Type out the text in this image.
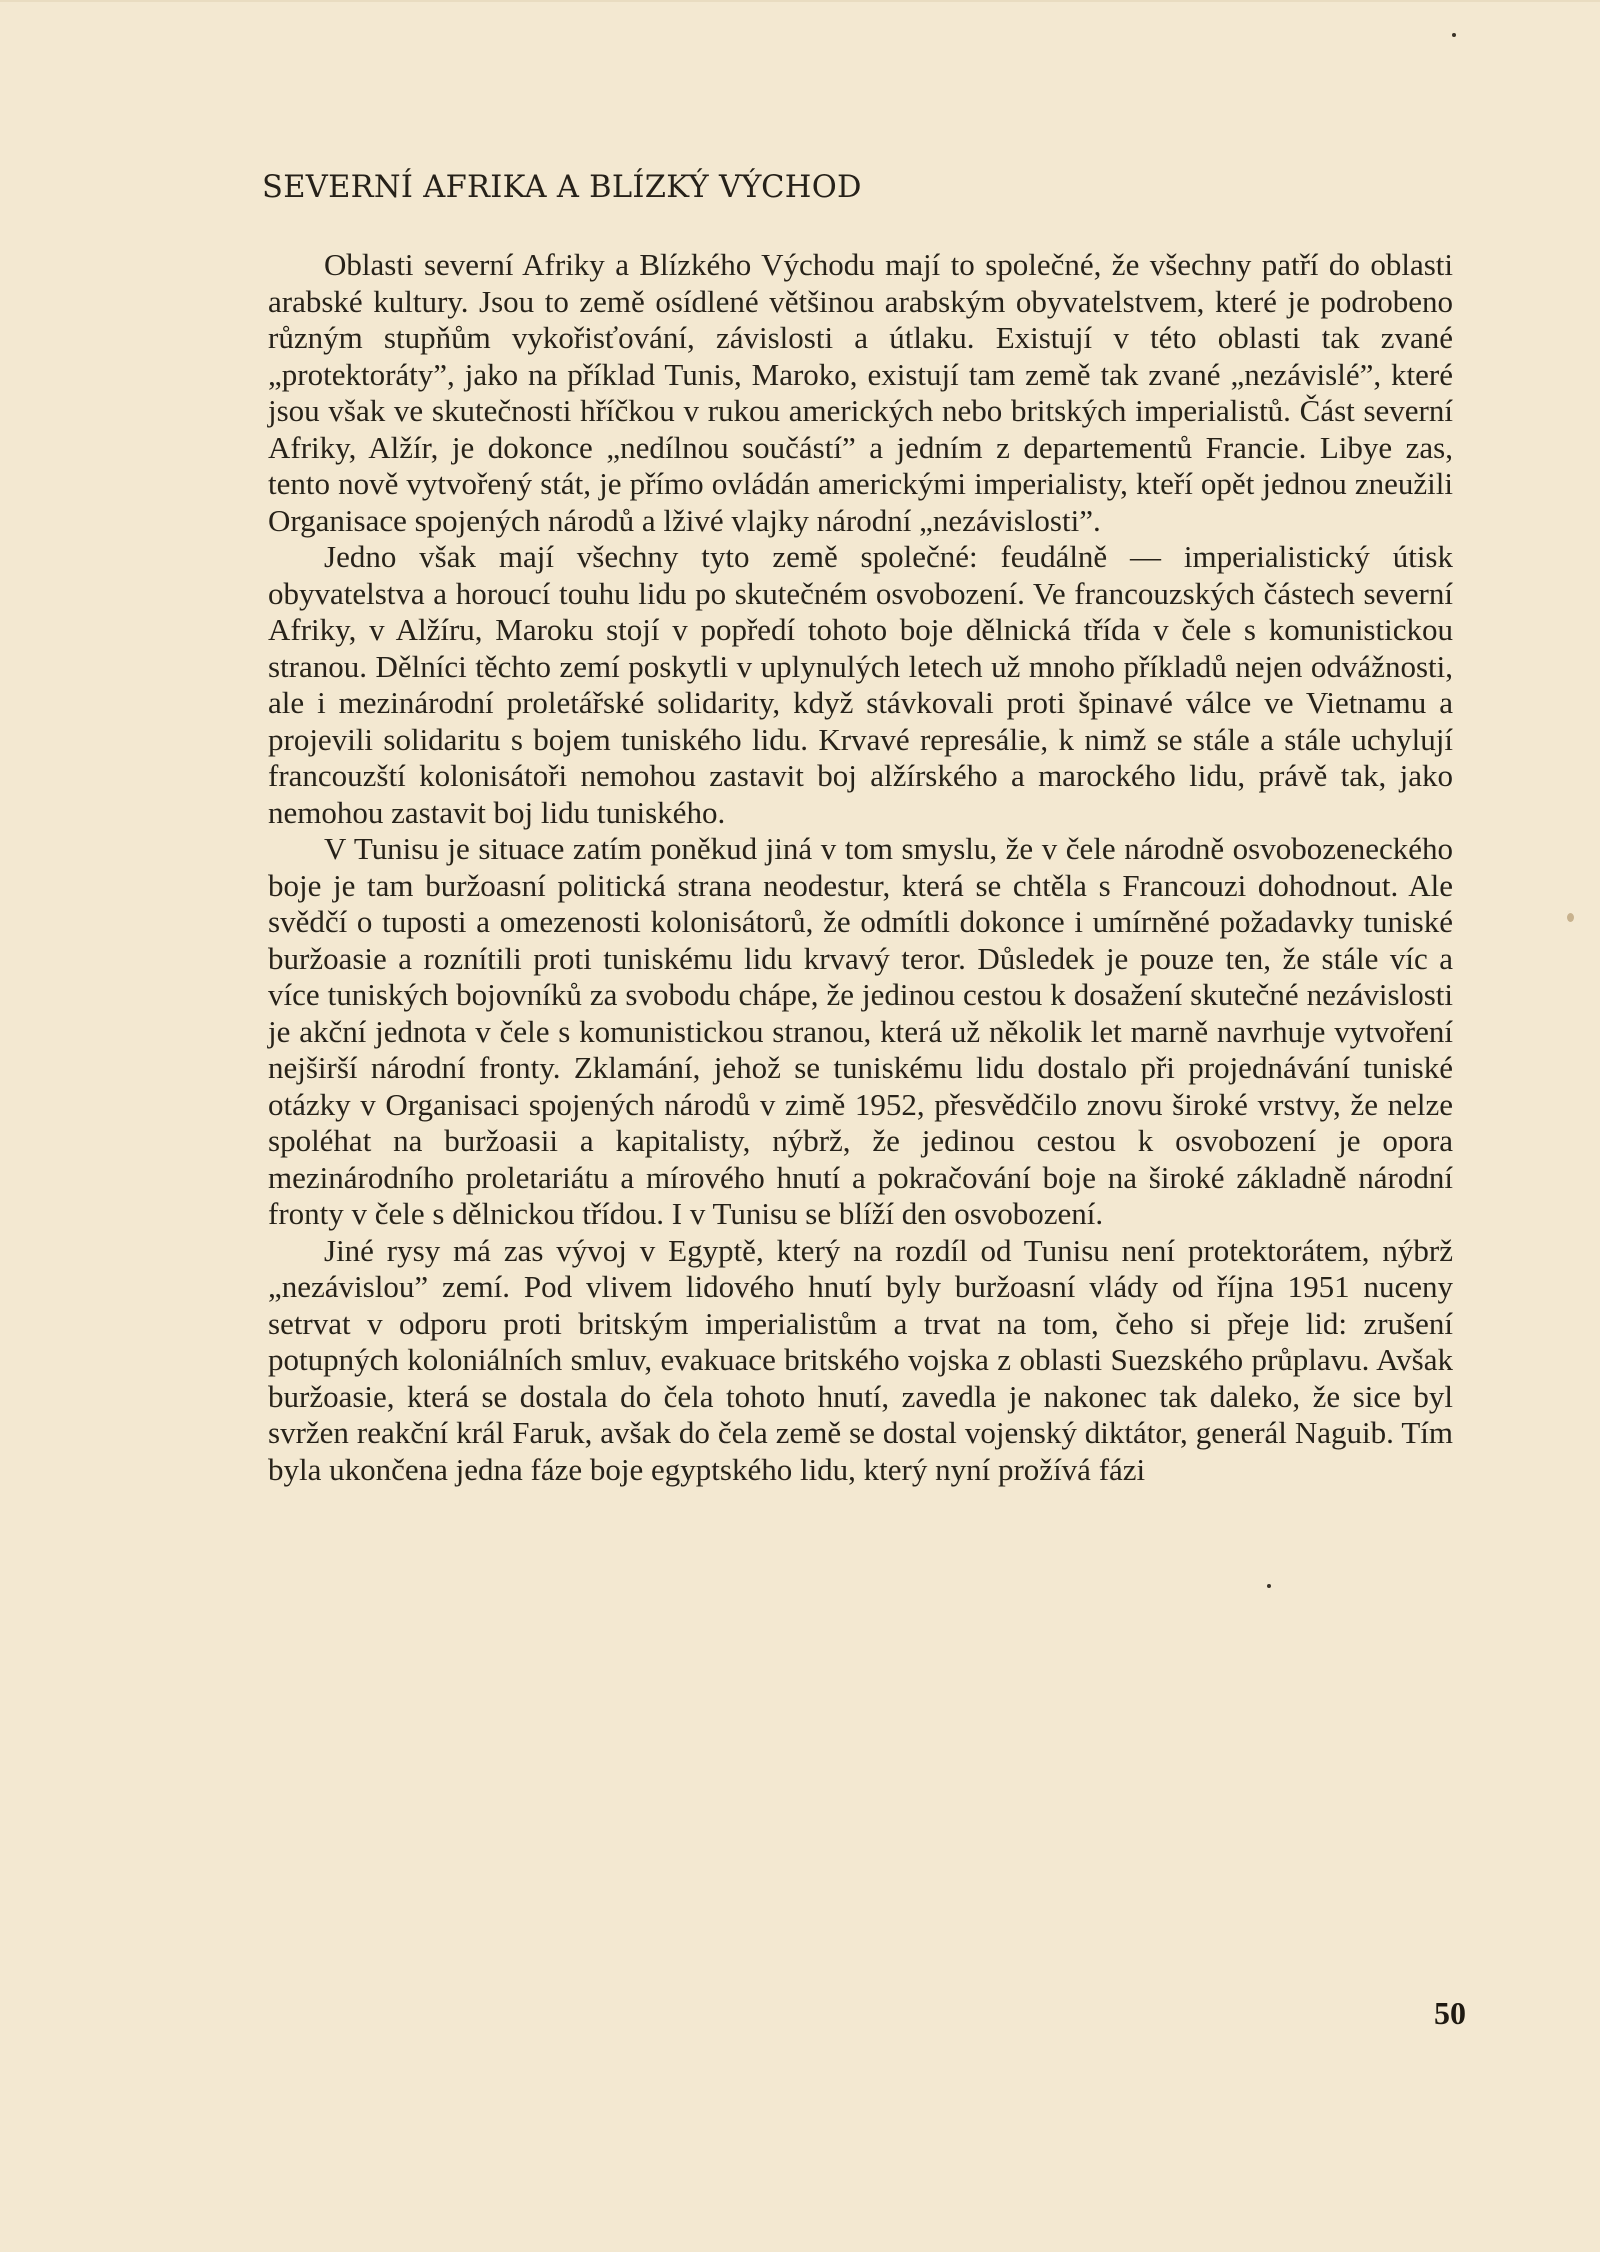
SEVERNÍ AFRIKA A BLÍZKÝ VÝCHOD

Oblasti severní Afriky a Blízkého Východu mají to společné, že všechny patří do oblasti arabské kultury. Jsou to země osídlené většinou arabským obyvatelstvem, které je podrobeno různým stupňům vykořisťování, závislosti a útlaku. Existují v této oblasti tak zvané „protektoráty”, jako na příklad Tunis, Maroko, existují tam země tak zvané „nezávislé”, které jsou však ve skutečnosti hříčkou v rukou amerických nebo britských imperialistů. Část severní Afriky, Alžír, je dokonce „nedílnou součástí” a jedním z departementů Francie. Libye zas, tento nově vytvořený stát, je přímo ovládán americkými imperialisty, kteří opět jednou zneužili Organisace spojených národů a lživé vlajky národní „nezávislosti”.

Jedno však mají všechny tyto země společné: feudálně — imperialistický útisk obyvatelstva a horoucí touhu lidu po skutečném osvobození. Ve francouzských částech severní Afriky, v Alžíru, Maroku stojí v popředí tohoto boje dělnická třída v čele s komunistickou stranou. Dělníci těchto zemí poskytli v uplynulých letech už mnoho příkladů nejen odvážnosti, ale i mezinárodní proletářské solidarity, když stávkovali proti špinavé válce ve Vietnamu a projevili solidaritu s bojem tuniského lidu. Krvavé represálie, k nimž se stále a stále uchylují francouzští kolonisátoři nemohou zastavit boj alžírského a marockého lidu, právě tak, jako nemohou zastavit boj lidu tuniského.

V Tunisu je situace zatím poněkud jiná v tom smyslu, že v čele národně osvobozeneckého boje je tam buržoasní politická strana neodestur, která se chtěla s Francouzi dohodnout. Ale svědčí o tuposti a omezenosti kolonisátorů, že odmítli dokonce i umírněné požadavky tuniské buržoasie a roznítili proti tuniskému lidu krvavý teror. Důsledek je pouze ten, že stále víc a více tuniských bojovníků za svobodu chápe, že jedinou cestou k dosažení skutečné nezávislosti je akční jednota v čele s komunistickou stranou, která už několik let marně navrhuje vytvoření nejširší národní fronty. Zklamání, jehož se tuniskému lidu dostalo při projednávání tuniské otázky v Organisaci spojených národů v zimě 1952, přesvědčilo znovu široké vrstvy, že nelze spoléhat na buržoasii a kapitalisty, nýbrž, že jedinou cestou k osvobození je opora mezinárodního proletariátu a mírového hnutí a pokračování boje na široké základně národní fronty v čele s dělnickou třídou. I v Tunisu se blíží den osvobození.

Jiné rysy má zas vývoj v Egyptě, který na rozdíl od Tunisu není protektorátem, nýbrž „nezávislou” zemí. Pod vlivem lidového hnutí byly buržoasní vlády od října 1951 nuceny setrvat v odporu proti britským imperialistům a trvat na tom, čeho si přeje lid: zrušení potupných koloniálních smluv, evakuace britského vojska z oblasti Suezského průplavu. Avšak buržoasie, která se dostala do čela tohoto hnutí, zavedla je nakonec tak daleko, že sice byl svržen reakční král Faruk, avšak do čela země se dostal vojenský diktátor, generál Naguib. Tím byla ukončena jedna fáze boje egyptského lidu, který nyní prožívá fázi

50
